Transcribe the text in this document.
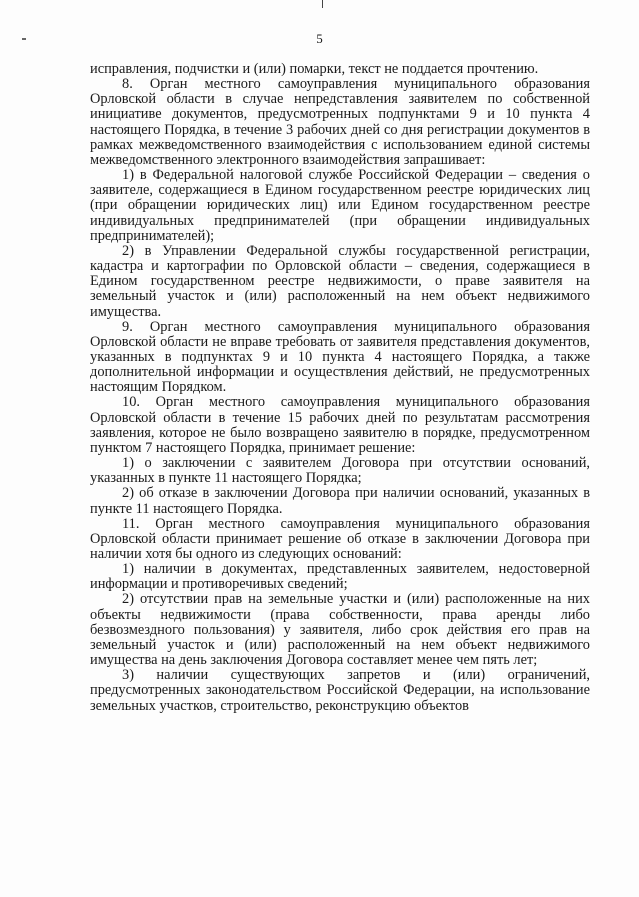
5

исправления, подчистки и (или) помарки, текст не поддается прочтению.

8. Орган местного самоуправления муниципального образования Орловской области в случае непредставления заявителем по собственной инициативе документов, предусмотренных подпунктами 9 и 10 пункта 4 настоящего Порядка, в течение 3 рабочих дней со дня регистрации документов в рамках межведомственного взаимодействия с использованием единой системы межведомственного электронного взаимодействия запрашивает:

1) в Федеральной налоговой службе Российской Федерации – сведения о заявителе, содержащиеся в Едином государственном реестре юридических лиц (при обращении юридических лиц) или Едином государственном реестре индивидуальных предпринимателей (при обращении индивидуальных предпринимателей);

2) в Управлении Федеральной службы государственной регистрации, кадастра и картографии по Орловской области – сведения, содержащиеся в Едином государственном реестре недвижимости, о праве заявителя на земельный участок и (или) расположенный на нем объект недвижимого имущества.

9. Орган местного самоуправления муниципального образования Орловской области не вправе требовать от заявителя представления документов, указанных в подпунктах 9 и 10 пункта 4 настоящего Порядка, а также дополнительной информации и осуществления действий, не предусмотренных настоящим Порядком.

10. Орган местного самоуправления муниципального образования Орловской области в течение 15 рабочих дней по результатам рассмотрения заявления, которое не было возвращено заявителю в порядке, предусмотренном пунктом 7 настоящего Порядка, принимает решение:

1) о заключении с заявителем Договора при отсутствии оснований, указанных в пункте 11 настоящего Порядка;

2) об отказе в заключении Договора при наличии оснований, указанных в пункте 11 настоящего Порядка.

11. Орган местного самоуправления муниципального образования Орловской области принимает решение об отказе в заключении Договора при наличии хотя бы одного из следующих оснований:

1) наличии в документах, представленных заявителем, недостоверной информации и противоречивых сведений;

2) отсутствии прав на земельные участки и (или) расположенные на них объекты недвижимости (права собственности, права аренды либо безвозмездного пользования) у заявителя, либо срок действия его прав на земельный участок и (или) расположенный на нем объект недвижимого имущества на день заключения Договора составляет менее чем пять лет;

3) наличии существующих запретов и (или) ограничений, предусмотренных законодательством Российской Федерации, на использование земельных участков, строительство, реконструкцию объектов
